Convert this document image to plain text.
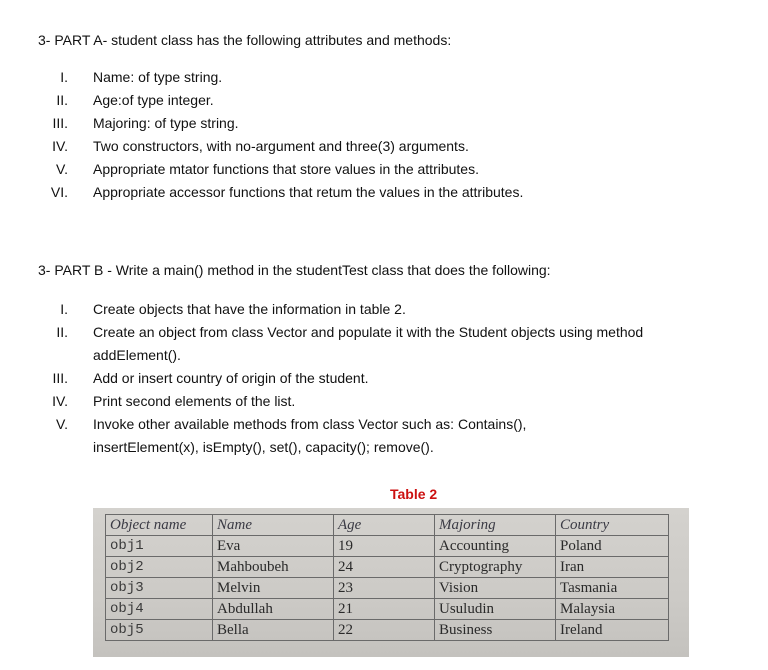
3- PART A- student class has the following attributes and methods:
I. Name: of type string.
II. Age:of type integer.
III. Majoring: of type string.
IV. Two constructors, with no-argument and three(3) arguments.
V. Appropriate mtator functions that store values in the attributes.
VI. Appropriate accessor functions that retum the values in the attributes.
3- PART B - Write a main() method in the studentTest class that does the following:
I. Create objects that have the information in table 2.
II. Create an object from class Vector and populate it with the Student objects using method addElement().
III. Add or insert country of origin of the student.
IV. Print second elements of the list.
V. Invoke other available methods from class Vector such as: Contains(), insertElement(x), isEmpty(), set(), capacity(); remove().
Table 2
Object name	Name	Age	Majoring	Country
obj1	Eva	19	Accounting	Poland
obj2	Mahboubeh	24	Cryptography	Iran
obj3	Melvin	23	Vision	Tasmania
obj4	Abdullah	21	Usuludin	Malaysia
obj5	Bella	22	Business	Ireland
